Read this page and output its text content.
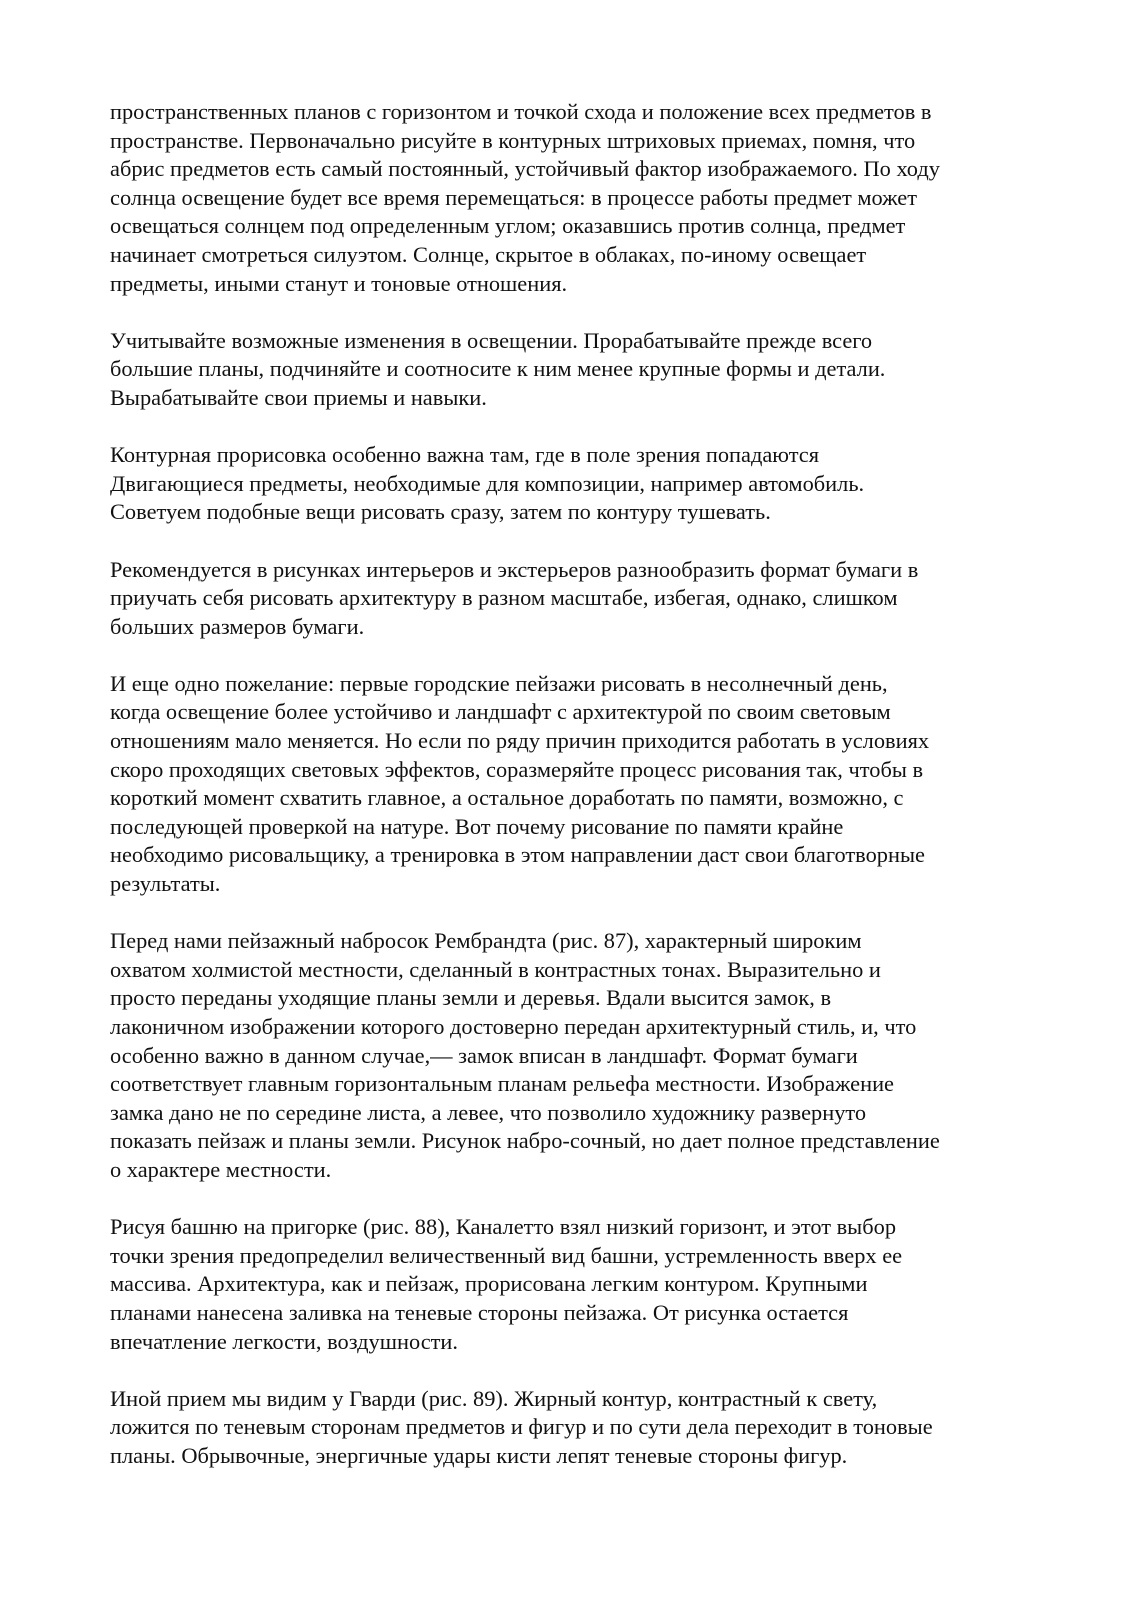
пространственных планов с горизонтом и точкой схода и положение всех предметов в
пространстве. Первоначально рисуйте в контурных штриховых приемах, помня, что
абрис предметов есть самый постоянный, устойчивый фактор изображаемого. По ходу
солнца освещение будет все время перемещаться: в процессе работы предмет может
освещаться солнцем под определенным углом; оказавшись против солнца, предмет
начинает смотреться силуэтом. Солнце, скрытое в облаках, по-иному освещает
предметы, иными станут и тоновые отношения.

Учитывайте возможные изменения в освещении. Прорабатывайте прежде всего
большие планы, подчиняйте и соотносите к ним менее крупные формы и детали.
Вырабатывайте свои приемы и навыки.

Контурная прорисовка особенно важна там, где в поле зрения попадаются
Двигающиеся предметы, необходимые для композиции, например автомобиль.
Советуем подобные вещи рисовать сразу, затем по контуру тушевать.

Рекомендуется в рисунках интерьеров и экстерьеров разнообразить формат бумаги в
приучать себя рисовать архитектуру в разном масштабе, избегая, однако, слишком
больших размеров бумаги.

И еще одно пожелание: первые городские пейзажи рисовать в несолнечный день,
когда освещение более устойчиво и ландшафт с архитектурой по своим световым
отношениям мало меняется. Но если по ряду причин приходится работать в условиях
скоро проходящих световых эффектов, соразмеряйте процесс рисования так, чтобы в
короткий момент схватить главное, а остальное доработать по памяти, возможно, с
последующей проверкой на натуре. Вот почему рисование по памяти крайне
необходимо рисовальщику, а тренировка в этом направлении даст свои благотворные
результаты.

Перед нами пейзажный набросок Рембрандта (рис. 87), характерный широким
охватом холмистой местности, сделанный в контрастных тонах. Выразительно и
просто переданы уходящие планы земли и деревья. Вдали высится замок, в
лаконичном изображении которого достоверно передан архитектурный стиль, и, что
особенно важно в данном случае,— замок вписан в ландшафт. Формат бумаги
соответствует главным горизонтальным планам рельефа местности. Изображение
замка дано не по середине листа, а левее, что позволило художнику развернуто
показать пейзаж и планы земли. Рисунок набро-сочный, но дает полное представление
о характере местности.

Рисуя башню на пригорке (рис. 88), Каналетто взял низкий горизонт, и этот выбор
точки зрения предопределил величественный вид башни, устремленность вверх ее
массива. Архитектура, как и пейзаж, прорисована легким контуром. Крупными
планами нанесена заливка на теневые стороны пейзажа. От рисунка остается
впечатление легкости, воздушности.

Иной прием мы видим у Гварди (рис. 89). Жирный контур, контрастный к свету,
ложится по теневым сторонам предметов и фигур и по сути дела переходит в тоновые
планы. Обрывочные, энергичные удары кисти лепят теневые стороны фигур.
